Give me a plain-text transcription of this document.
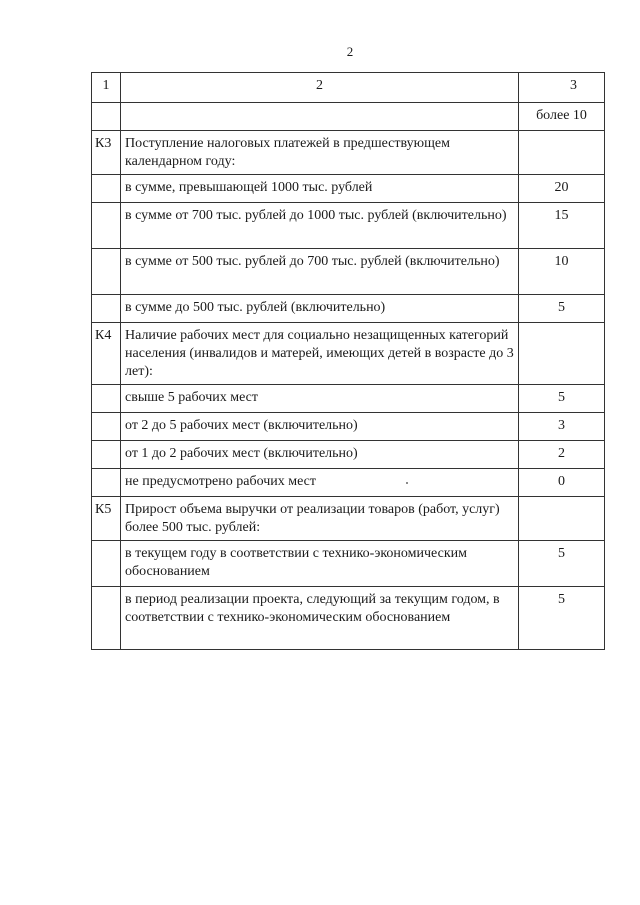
2
1	2	3
		более 10
К3	Поступление налоговых платежей в предшествующем календарном году:	
	в сумме, превышающей 1000 тыс. рублей	20
	в сумме от 700 тыс. рублей до 1000 тыс. рублей (включительно)	15
	в сумме от 500 тыс. рублей до 700 тыс. рублей (включительно)	10
	в сумме до 500 тыс. рублей (включительно)	5
К4	Наличие рабочих мест для социально незащищенных категорий населения (инвалидов и матерей, имеющих детей в возрасте до 3 лет):	
	свыше 5 рабочих мест	5
	от 2 до 5 рабочих мест (включительно)	3
	от 1 до 2 рабочих мест (включительно)	2
	не предусмотрено рабочих мест	0
К5	Прирост объема выручки от реализации товаров (работ, услуг) более 500 тыс. рублей:	
	в текущем году в соответствии с технико-экономическим обоснованием	5
	в период реализации проекта, следующий за текущим годом, в соответствии с технико-экономическим обоснованием	5
